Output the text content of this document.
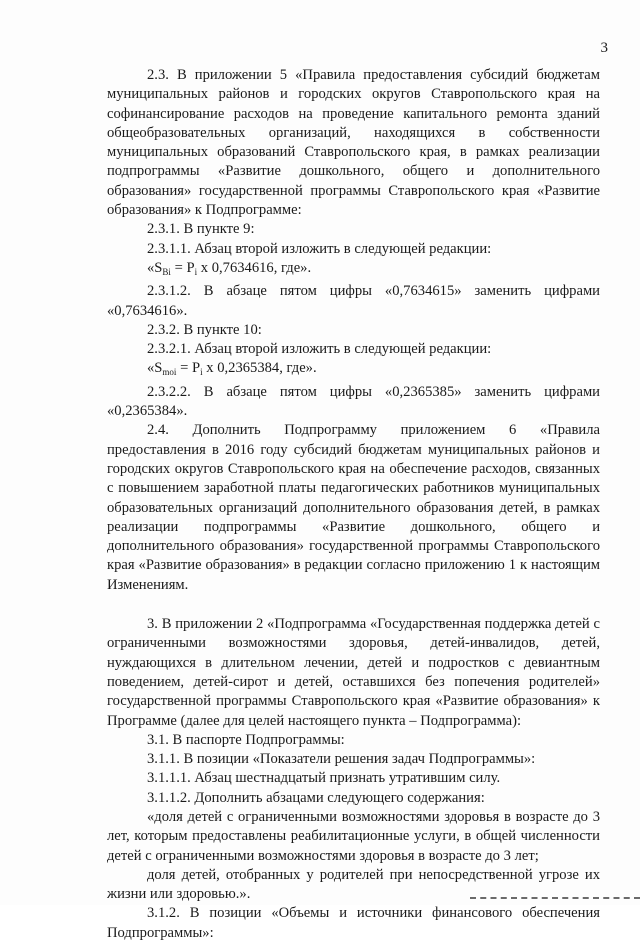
3

2.3. В приложении 5 «Правила предоставления субсидий бюджетам муниципальных районов и городских округов Ставропольского края на софинансирование расходов на проведение капитального ремонта зданий общеобразовательных организаций, находящихся в собственности муниципальных образований Ставропольского края, в рамках реализации подпрограммы «Развитие дошкольного, общего и дополнительного образования» государственной программы Ставропольского края «Развитие образования» к Подпрограмме:

2.3.1. В пункте 9:

2.3.1.1. Абзац второй изложить в следующей редакции:

«$S_{Bi} = P_i$ x 0,7634616, где».

2.3.1.2. В абзаце пятом цифры «0,7634615» заменить цифрами «0,7634616».

2.3.2. В пункте 10:

2.3.2.1. Абзац второй изложить в следующей редакции:

«$S_{moi} = P_i$ x 0,2365384, где».

2.3.2.2. В абзаце пятом цифры «0,2365385» заменить цифрами «0,2365384».

2.4. Дополнить Подпрограмму приложением 6 «Правила предоставления в 2016 году субсидий бюджетам муниципальных районов и городских округов Ставропольского края на обеспечение расходов, связанных с повышением заработной платы педагогических работников муниципальных образовательных организаций дополнительного образования детей, в рамках реализации подпрограммы «Развитие дошкольного, общего и дополнительного образования» государственной программы Ставропольского края «Развитие образования» в редакции согласно приложению 1 к настоящим Изменениям.

3. В приложении 2 «Подпрограмма «Государственная поддержка детей с ограниченными возможностями здоровья, детей-инвалидов, детей, нуждающихся в длительном лечении, детей и подростков с девиантным поведением, детей-сирот и детей, оставшихся без попечения родителей» государственной программы Ставропольского края «Развитие образования» к Программе (далее для целей настоящего пункта – Подпрограмма):

3.1. В паспорте Подпрограммы:

3.1.1. В позиции «Показатели решения задач Подпрограммы»:

3.1.1.1. Абзац шестнадцатый признать утратившим силу.

3.1.1.2. Дополнить абзацами следующего содержания:

«доля детей с ограниченными возможностями здоровья в возрасте до 3 лет, которым предоставлены реабилитационные услуги, в общей численности детей с ограниченными возможностями здоровья в возрасте до 3 лет;

доля детей, отобранных у родителей при непосредственной угрозе их жизни или здоровью.».

3.1.2. В позиции «Объемы и источники финансового обеспечения Подпрограммы»:
